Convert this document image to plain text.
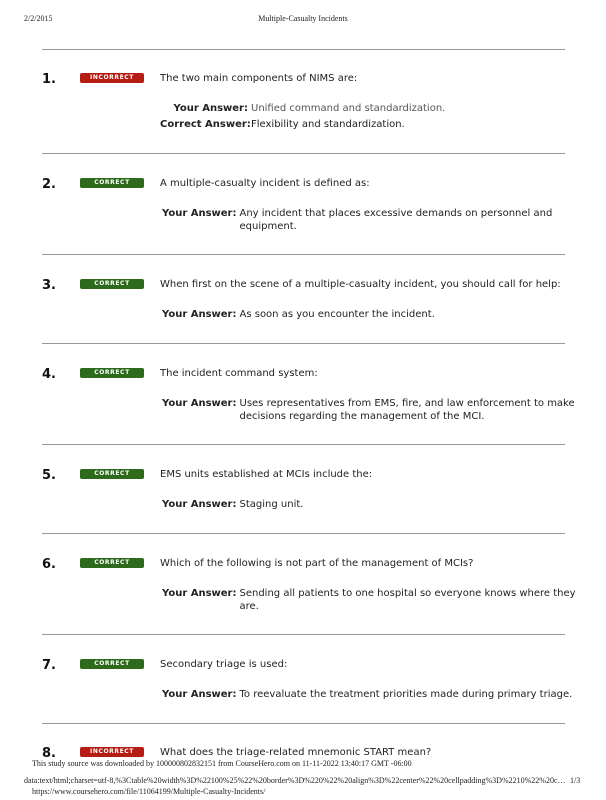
2/2/2015	Multiple-Casualty Incidents
1.	INCORRECT	The two main components of NIMS are:
Your Answer: Unified command and standardization.
Correct Answer: Flexibility and standardization.
2.	CORRECT	A multiple-casualty incident is defined as:
Your Answer: Any incident that places excessive demands on personnel and
equipment.
3.	CORRECT	When first on the scene of a multiple-casualty incident, you should call for help:
Your Answer: As soon as you encounter the incident.
4.	CORRECT	The incident command system:
Your Answer: Uses representatives from EMS, fire, and law enforcement to make
decisions regarding the management of the MCI.
5.	CORRECT	EMS units established at MCIs include the:
Your Answer: Staging unit.
6.	CORRECT	Which of the following is not part of the management of MCIs?
Your Answer: Sending all patients to one hospital so everyone knows where they
are.
7.	CORRECT	Secondary triage is used:
Your Answer: To reevaluate the treatment priorities made during primary triage.
8.	INCORRECT	What does the triage-related mnemonic START mean?
This study source was downloaded by 100000802832151 from CourseHero.com on 11-11-2022 13:40:17 GMT -06:00
data:text/html;charset=utf-8,%3Ctable%20width%3D%22100%25%22%20border%3D%220%22%20align%3D%22center%22%20cellpadding%3D%2210%22%20c… 1/3
https://www.coursehero.com/file/11064199/Multiple-Casualty-Incidents/
